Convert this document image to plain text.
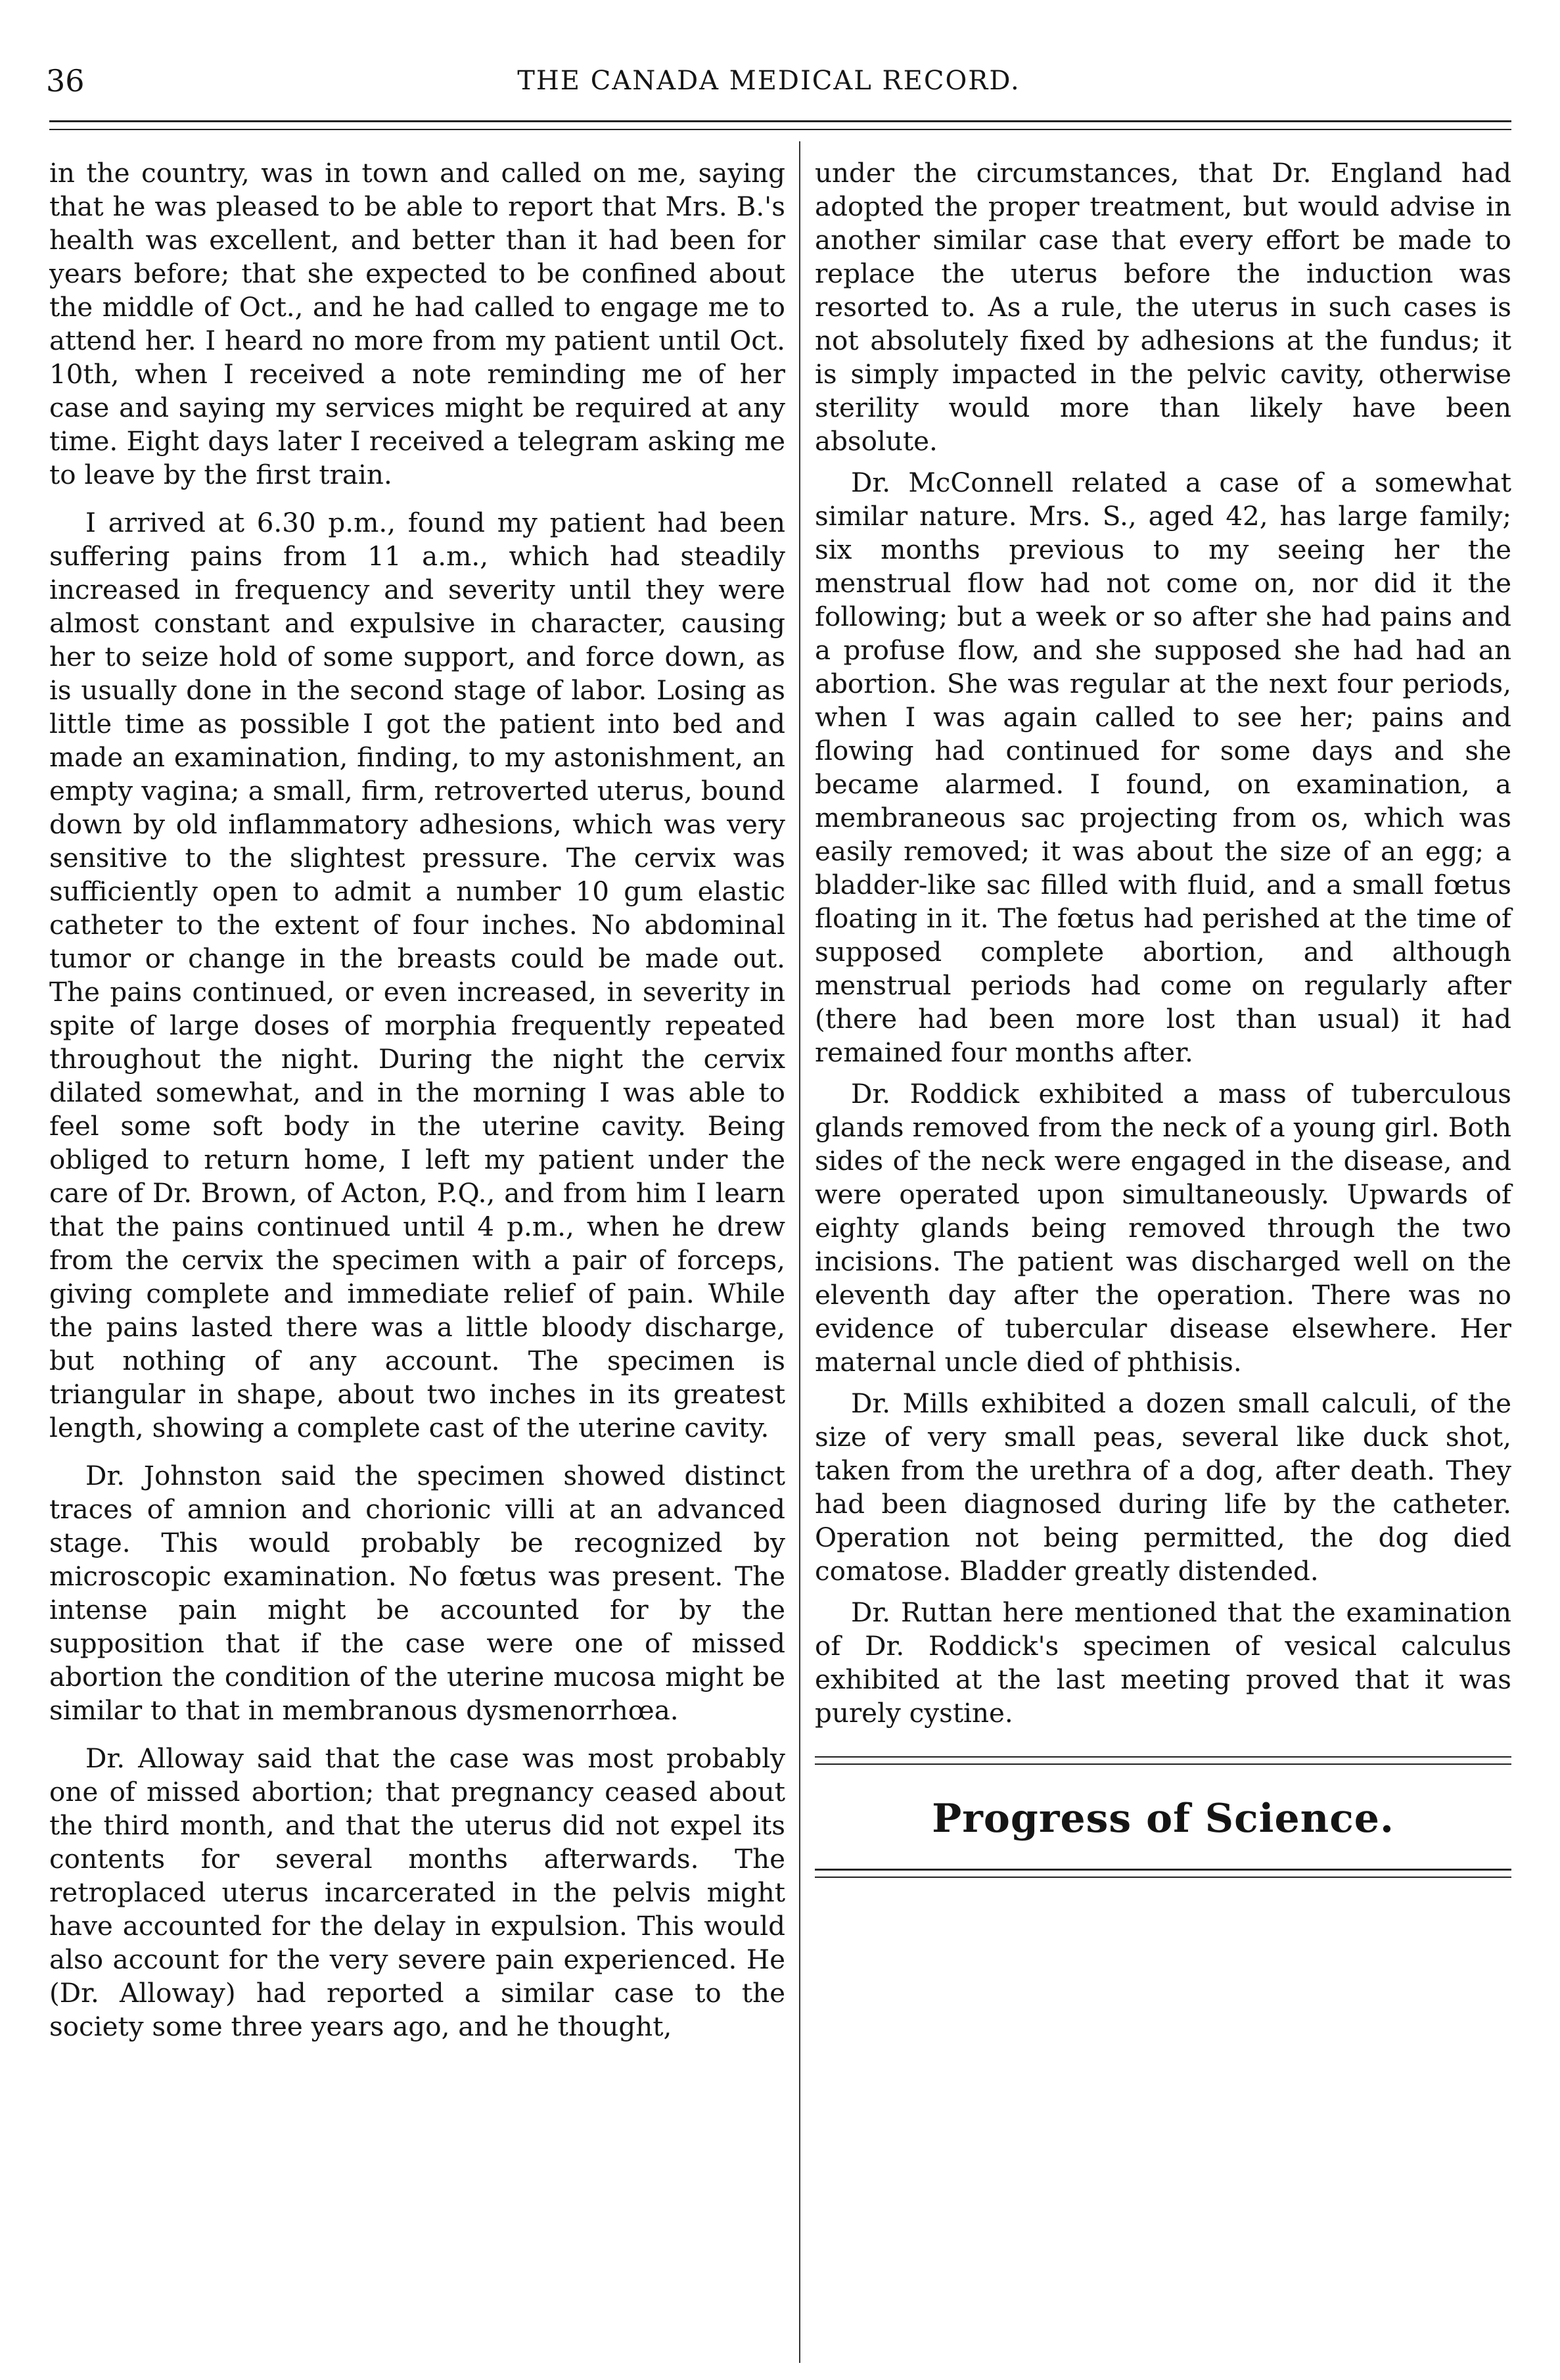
36	THE CANADA MEDICAL RECORD.

in the country, was in town and called on me, saying that he was pleased to be able to report that Mrs. B.'s health was excellent, and better than it had been for years before; that she expected to be confined about the middle of Oct., and he had called to engage me to attend her. I heard no more from my patient until Oct. 10th, when I received a note reminding me of her case and saying my services might be required at any time. Eight days later I received a telegram asking me to leave by the first train.

I arrived at 6.30 p.m., found my patient had been suffering pains from 11 a.m., which had steadily increased in frequency and severity until they were almost constant and expulsive in character, causing her to seize hold of some support, and force down, as is usually done in the second stage of labor. Losing as little time as possible I got the patient into bed and made an examination, finding, to my astonishment, an empty vagina; a small, firm, retroverted uterus, bound down by old inflammatory adhesions, which was very sensitive to the slightest pressure. The cervix was sufficiently open to admit a number 10 gum elastic catheter to the extent of four inches. No abdominal tumor or change in the breasts could be made out. The pains continued, or even increased, in severity in spite of large doses of morphia frequently repeated throughout the night. During the night the cervix dilated somewhat, and in the morning I was able to feel some soft body in the uterine cavity. Being obliged to return home, I left my patient under the care of Dr. Brown, of Acton, P.Q., and from him I learn that the pains continued until 4 p.m., when he drew from the cervix the specimen with a pair of forceps, giving complete and immediate relief of pain. While the pains lasted there was a little bloody discharge, but nothing of any account. The specimen is triangular in shape, about two inches in its greatest length, showing a complete cast of the uterine cavity.

Dr. Johnston said the specimen showed distinct traces of amnion and chorionic villi at an advanced stage. This would probably be recognized by microscopic examination. No fœtus was present. The intense pain might be accounted for by the supposition that if the case were one of missed abortion the condition of the uterine mucosa might be similar to that in membranous dysmenorrhœa.

Dr. Alloway said that the case was most probably one of missed abortion; that pregnancy ceased about the third month, and that the uterus did not expel its contents for several months afterwards. The retroplaced uterus incarcerated in the pelvis might have accounted for the delay in expulsion. This would also account for the very severe pain experienced. He (Dr. Alloway) had reported a similar case to the society some three years ago, and he thought,

under the circumstances, that Dr. England had adopted the proper treatment, but would advise in another similar case that every effort be made to replace the uterus before the induction was resorted to. As a rule, the uterus in such cases is not absolutely fixed by adhesions at the fundus; it is simply impacted in the pelvic cavity, otherwise sterility would more than likely have been absolute.

Dr. McConnell related a case of a somewhat similar nature. Mrs. S., aged 42, has large family; six months previous to my seeing her the menstrual flow had not come on, nor did it the following; but a week or so after she had pains and a profuse flow, and she supposed she had had an abortion. She was regular at the next four periods, when I was again called to see her; pains and flowing had continued for some days and she became alarmed. I found, on examination, a membraneous sac projecting from os, which was easily removed; it was about the size of an egg; a bladder-like sac filled with fluid, and a small fœtus floating in it. The fœtus had perished at the time of supposed complete abortion, and although menstrual periods had come on regularly after (there had been more lost than usual) it had remained four months after.

Dr. Roddick exhibited a mass of tuberculous glands removed from the neck of a young girl. Both sides of the neck were engaged in the disease, and were operated upon simultaneously. Upwards of eighty glands being removed through the two incisions. The patient was discharged well on the eleventh day after the operation. There was no evidence of tubercular disease elsewhere. Her maternal uncle died of phthisis.

Dr. Mills exhibited a dozen small calculi, of the size of very small peas, several like duck shot, taken from the urethra of a dog, after death. They had been diagnosed during life by the catheter. Operation not being permitted, the dog died comatose. Bladder greatly distended.

Dr. Ruttan here mentioned that the examination of Dr. Roddick's specimen of vesical calculus exhibited at the last meeting proved that it was purely cystine.

Progress of Science.
